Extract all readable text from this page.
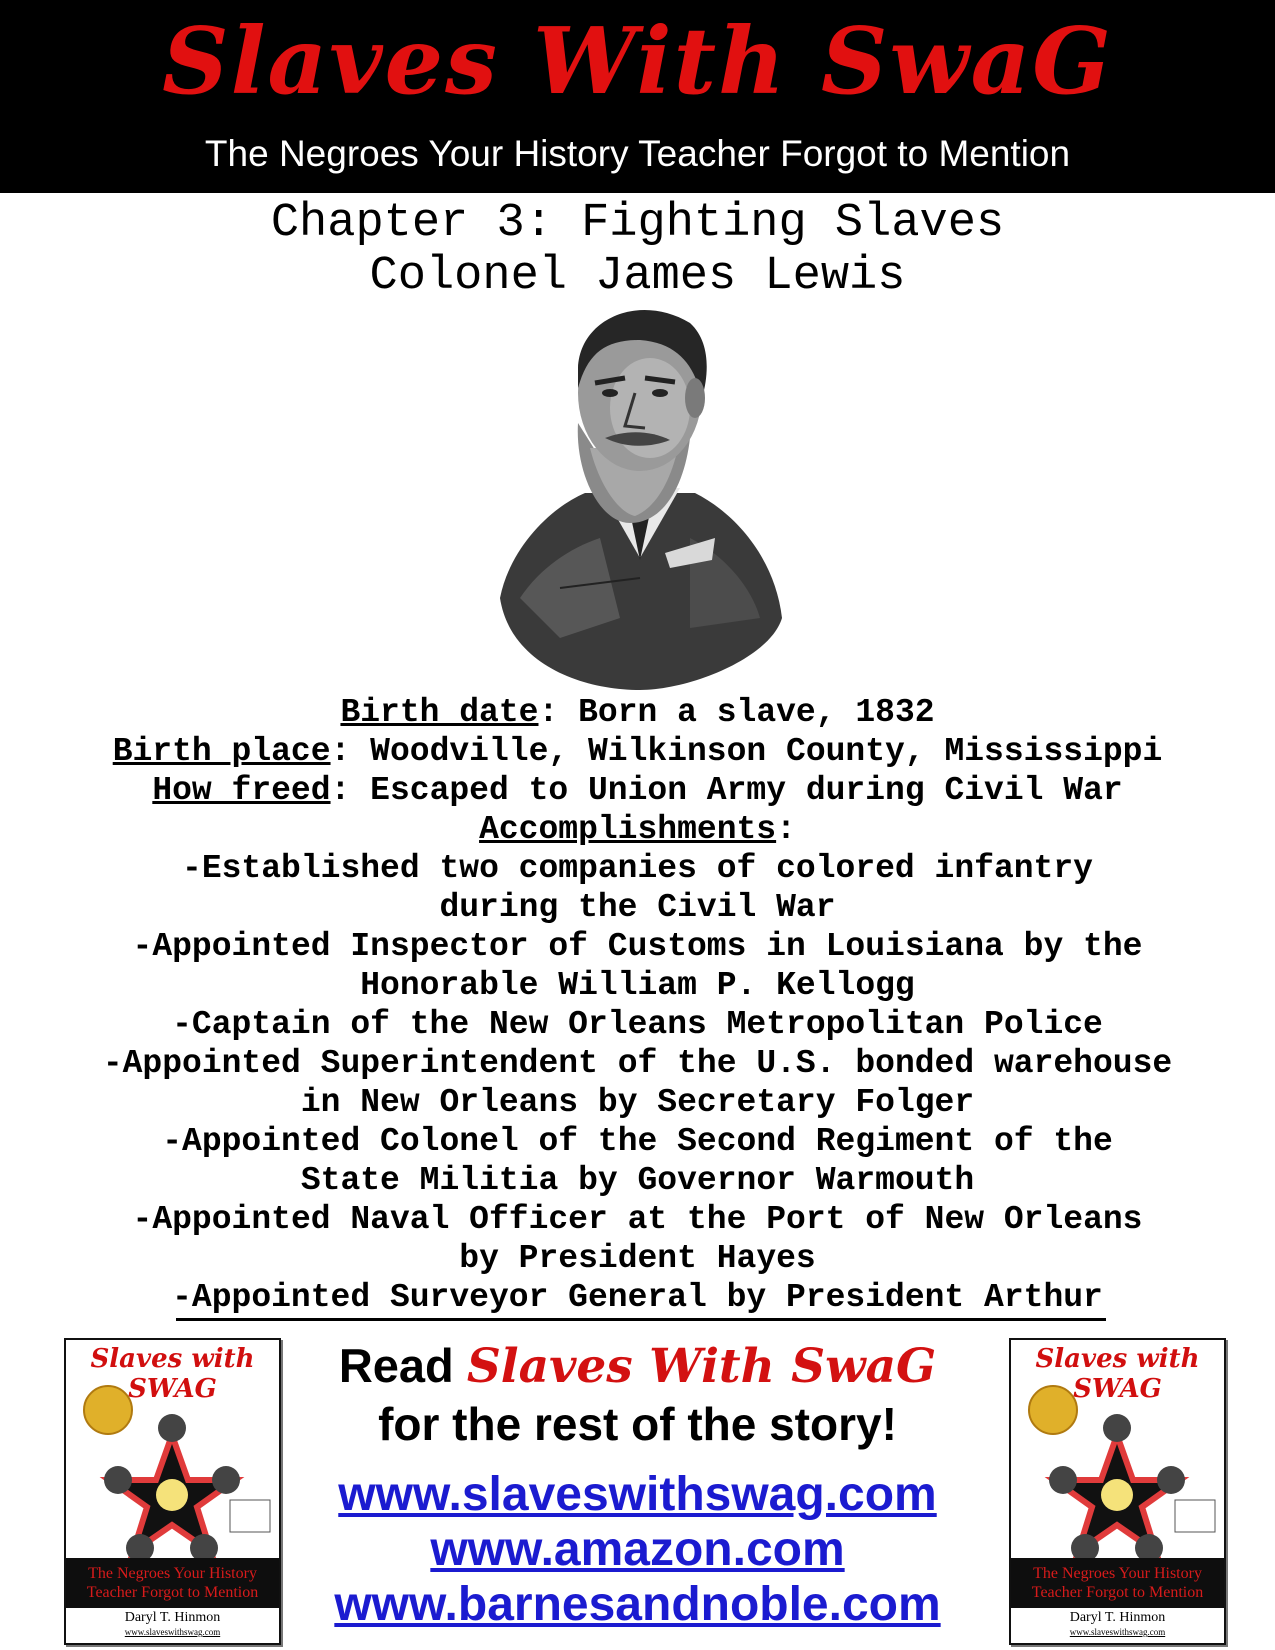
Slaves With SwaG
The Negroes Your History Teacher Forgot to Mention
Chapter 3: Fighting Slaves
Colonel James Lewis
Birth date: Born a slave, 1832
Birth place: Woodville, Wilkinson County, Mississippi
How freed: Escaped to Union Army during Civil War
Accomplishments:
-Established two companies of colored infantry
during the Civil War
-Appointed Inspector of Customs in Louisiana by the
Honorable William P. Kellogg
-Captain of the New Orleans Metropolitan Police
-Appointed Superintendent of the U.S. bonded warehouse
in New Orleans by Secretary Folger
-Appointed Colonel of the Second Regiment of the
State Militia by Governor Warmouth
-Appointed Naval Officer at the Port of New Orleans
by President Hayes
-Appointed Surveyor General by President Arthur
Slaves with SWAG
The Negroes Your History
Teacher Forgot to Mention
Daryl T. Hinmon
www.slaveswithswag.com
Slaves with SWAG
The Negroes Your History
Teacher Forgot to Mention
Daryl T. Hinmon
www.slaveswithswag.com
Read Slaves With SwaG
for the rest of the story!
www.slaveswithswag.com
www.amazon.com
www.barnesandnoble.com
